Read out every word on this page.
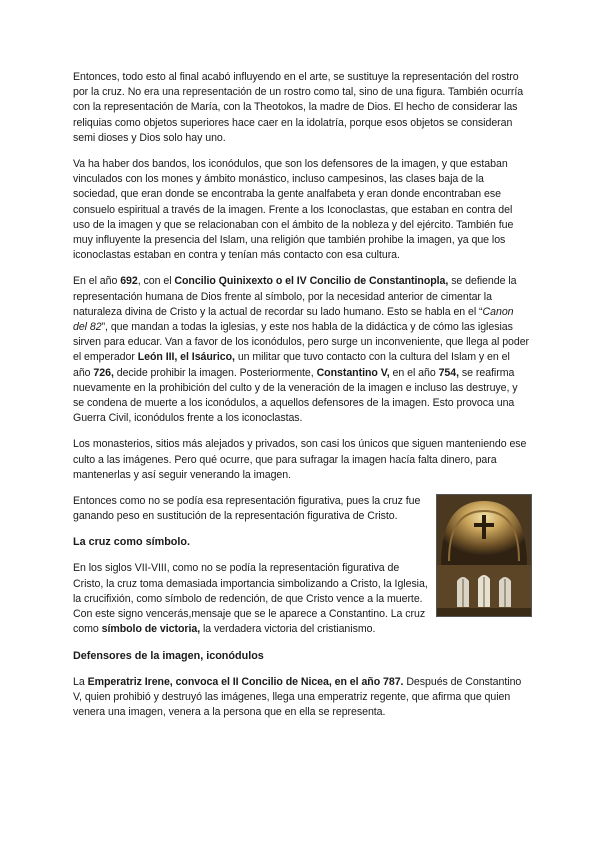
Entonces, todo esto al final acabó influyendo en el arte, se sustituye la representación del rostro por la cruz. No era una representación de un rostro como tal, sino de una figura. También ocurría con la representación de María, con la Theotokos, la madre de Dios. El hecho de considerar las reliquias como objetos superiores hace caer en la idolatría, porque esos objetos se consideran semi dioses y Dios solo hay uno.

Va ha haber dos bandos, los iconódulos, que son los defensores de la imagen, y que estaban vinculados con los mones y ámbito monástico, incluso campesinos, las clases baja de la sociedad, que eran donde se encontraba la gente analfabeta y eran donde encontraban ese consuelo espiritual a través de la imagen. Frente a los Iconoclastas, que estaban en contra del uso de la imagen y que se relacionaban con el ámbito de la nobleza y del ejército. También fue muy influyente la presencia del Islam, una religión que también prohibe la imagen, ya que los iconoclastas estaban en contra y tenían más contacto con esa cultura.

En el año 692, con el Concilio Quinixexto o el IV Concilio de Constantinopla, se defiende la representación humana de Dios frente al símbolo, por la necesidad anterior de cimentar la naturaleza divina de Cristo y la actual de recordar su lado humano. Esto se habla en el “Canon del 82”, que mandan a todas la iglesias, y este nos habla de la didáctica y de cómo las iglesias sirven para educar. Van a favor de los iconódulos, pero surge un inconveniente, que llega al poder el emperador León III, el Isáurico, un militar que tuvo contacto con la cultura del Islam y en el año 726, decide prohibir la imagen. Posteriormente, Constantino V, en el año 754, se reafirma nuevamente en la prohibición del culto y de la veneración de la imagen e incluso las destruye, y se condena de muerte a los iconódulos, a aquellos defensores de la imagen. Esto provoca una Guerra Civil, iconódulos frente a los iconoclastas.

Los monasterios, sitios más alejados y privados, son casi los únicos que siguen manteniendo ese culto a las imágenes. Pero qué ocurre, que para sufragar la imagen hacía falta dinero, para mantenerlas y así seguir venerando la imagen.

Entonces como no se podía esa representación figurativa, pues la cruz fue ganando peso en sustitución de la representación figurativa de Cristo.

La cruz como símbolo.

En los siglos VII-VIII, como no se podía la representación figurativa de Cristo, la cruz toma demasiada importancia simbolizando a Cristo, la Iglesia, la crucifixión, como símbolo de redención, de que Cristo vence a la muerte. Con este signo vencerás,mensaje que se le aparece a Constantino. La cruz como símbolo de victoria, la verdadera victoria del cristianismo.

Defensores de la imagen, iconódulos

La Emperatriz Irene, convoca el II Concilio de Nicea, en el año 787. Después de Constantino V, quien prohibió y destruyó las imágenes, llega una emperatriz regente, que afirma que quien venera una imagen, venera a la persona que en ella se representa.
